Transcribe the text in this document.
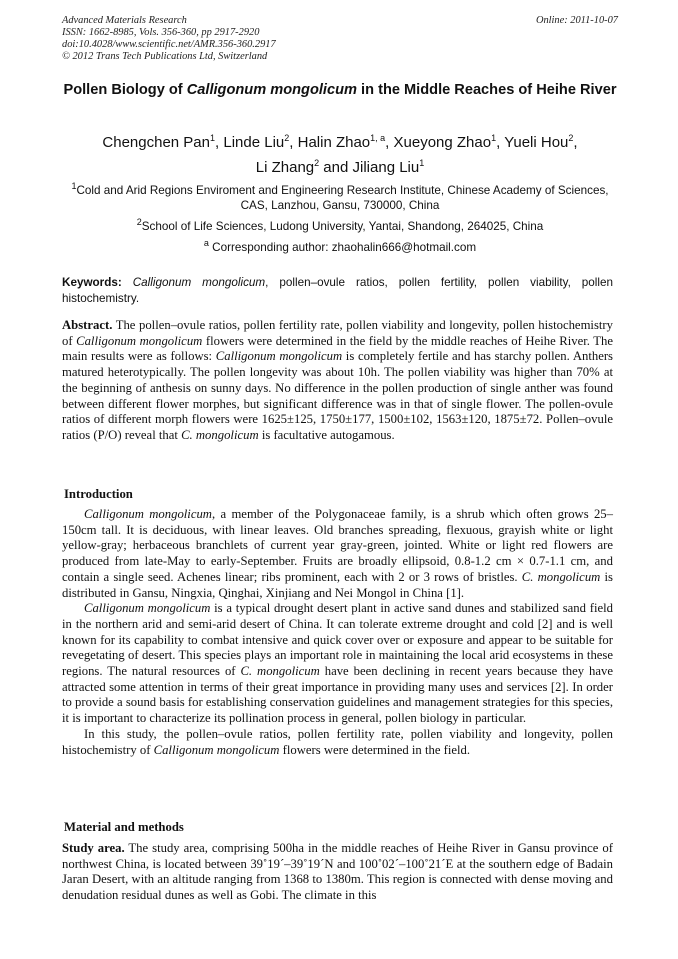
Advanced Materials Research
ISSN: 1662-8985, Vols. 356-360, pp 2917-2920
doi:10.4028/www.scientific.net/AMR.356-360.2917
© 2012 Trans Tech Publications Ltd, Switzerland
Online: 2011-10-07
Pollen Biology of Calligonum mongolicum in the Middle Reaches of Heihe River
Chengchen Pan$^1$, Linde Liu$^2$, Halin Zhao$^{1, a}$, Xueyong Zhao$^1$, Yueli Hou$^2$,
Li Zhang$^2$ and Jiliang Liu$^1$
$^1$Cold and Arid Regions Enviroment and Engineering Research Institute, Chinese Academy of Sciences, CAS, Lanzhou, Gansu, 730000, China
$^2$School of Life Sciences, Ludong University, Yantai, Shandong, 264025, China
$^a$ Corresponding author: zhaohalin666@hotmail.com
Keywords: Calligonum mongolicum, pollen–ovule ratios, pollen fertility, pollen viability, pollen histochemistry.
Abstract. The pollen–ovule ratios, pollen fertility rate, pollen viability and longevity, pollen histochemistry of Calligonum mongolicum flowers were determined in the field by the middle reaches of Heihe River. The main results were as follows: Calligonum mongolicum is completely fertile and has starchy pollen. Anthers matured heterotypically. The pollen longevity was about 10h. The pollen viability was higher than 70% at the beginning of anthesis on sunny days. No difference in the pollen production of single anther was found between different flower morphes, but significant difference was in that of single flower. The pollen-ovule ratios of different morph flowers were 1625±125, 1750±177, 1500±102, 1563±120, 1875±72. Pollen–ovule ratios (P/O) reveal that C. mongolicum is facultative autogamous.
Introduction

Calligonum mongolicum, a member of the Polygonaceae family, is a shrub which often grows 25–150cm tall. It is deciduous, with linear leaves. Old branches spreading, flexuous, grayish white or light yellow-gray; herbaceous branchlets of current year gray-green, jointed. White or light red flowers are produced from late-May to early-September. Fruits are broadly ellipsoid, 0.8-1.2 cm × 0.7-1.1 cm, and contain a single seed. Achenes linear; ribs prominent, each with 2 or 3 rows of bristles. C. mongolicum is distributed in Gansu, Ningxia, Qinghai, Xinjiang and Nei Mongol in China [1].

Calligonum mongolicum is a typical drought desert plant in active sand dunes and stabilized sand field in the northern arid and semi-arid desert of China. It can tolerate extreme drought and cold [2] and is well known for its capability to combat intensive and quick cover over or exposure and appear to be suitable for revegetating of desert. This species plays an important role in maintaining the local arid ecosystems in these regions. The natural resources of C. mongolicum have been declining in recent years because they have attracted some attention in terms of their great importance in providing many uses and services [2]. In order to provide a sound basis for establishing conservation guidelines and management strategies for this species, it is important to characterize its pollination process in general, pollen biology in particular.

In this study, the pollen–ovule ratios, pollen fertility rate, pollen viability and longevity, pollen histochemistry of Calligonum mongolicum flowers were determined in the field.

Material and methods

Study area. The study area, comprising 500ha in the middle reaches of Heihe River in Gansu province of northwest China, is located between 39˚19´–39˚19´N and 100˚02´–100˚21´E at the southern edge of Badain Jaran Desert, with an altitude ranging from 1368 to 1380m. This region is connected with dense moving and denudation residual dunes as well as Gobi. The climate in this
